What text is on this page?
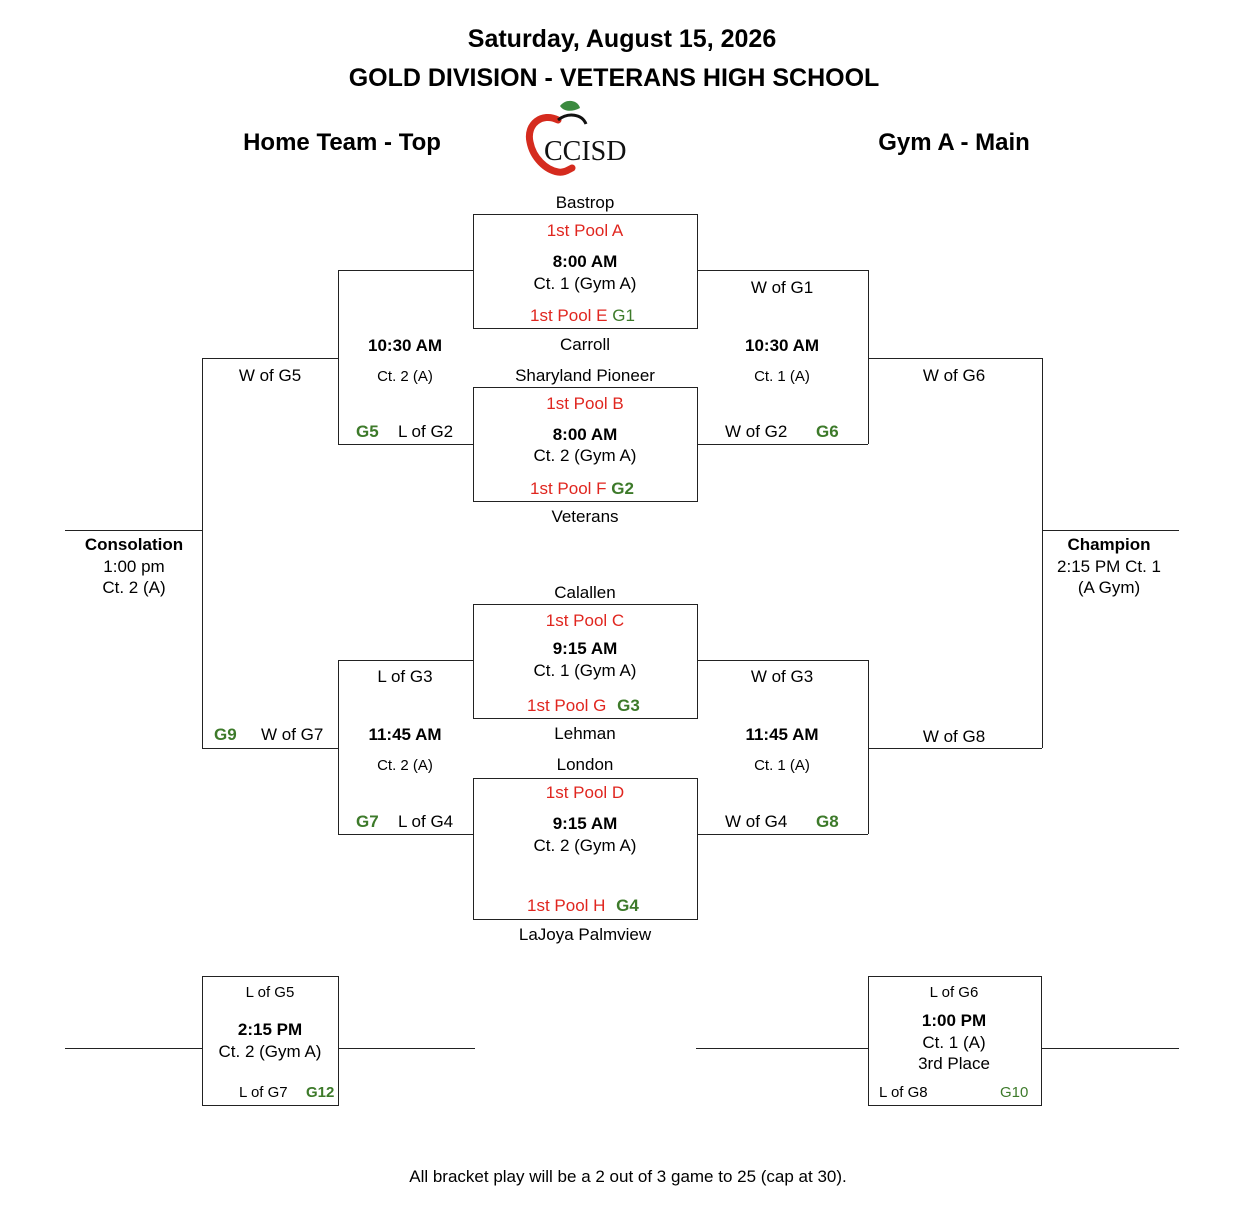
Saturday, August 15, 2026
GOLD DIVISION - VETERANS HIGH SCHOOL
Home Team - Top	Gym A - Main
CCISD
Bastrop
1st Pool A
8:00 AM
Ct. 1 (Gym A)
1st Pool E G1
Carroll
Sharyland Pioneer
1st Pool B
8:00 AM
Ct. 2 (Gym A)
1st Pool F G2
Veterans
Calallen
1st Pool C
9:15 AM
Ct. 1 (Gym A)
1st Pool G G3
Lehman
London
1st Pool D
9:15 AM
Ct. 2 (Gym A)
1st Pool H G4
LaJoya Palmview
10:30 AM
Ct. 2 (A)
G5 L of G2
W of G1
10:30 AM
Ct. 1 (A)
W of G2 G6
L of G3
11:45 AM
Ct. 2 (A)
G7 L of G4
W of G3
11:45 AM
Ct. 1 (A)
W of G4 G8
W of G5
G9 W of G7
W of G6
W of G8
Consolation
1:00 pm
Ct. 2 (A)
Champion
2:15 PM Ct. 1
(A Gym)
L of G5
2:15 PM
Ct. 2 (Gym A)
L of G7 G12
L of G6
1:00 PM
Ct. 1 (A)
3rd Place
L of G8	G10
All bracket play will be a 2 out of 3 game to 25 (cap at 30).
